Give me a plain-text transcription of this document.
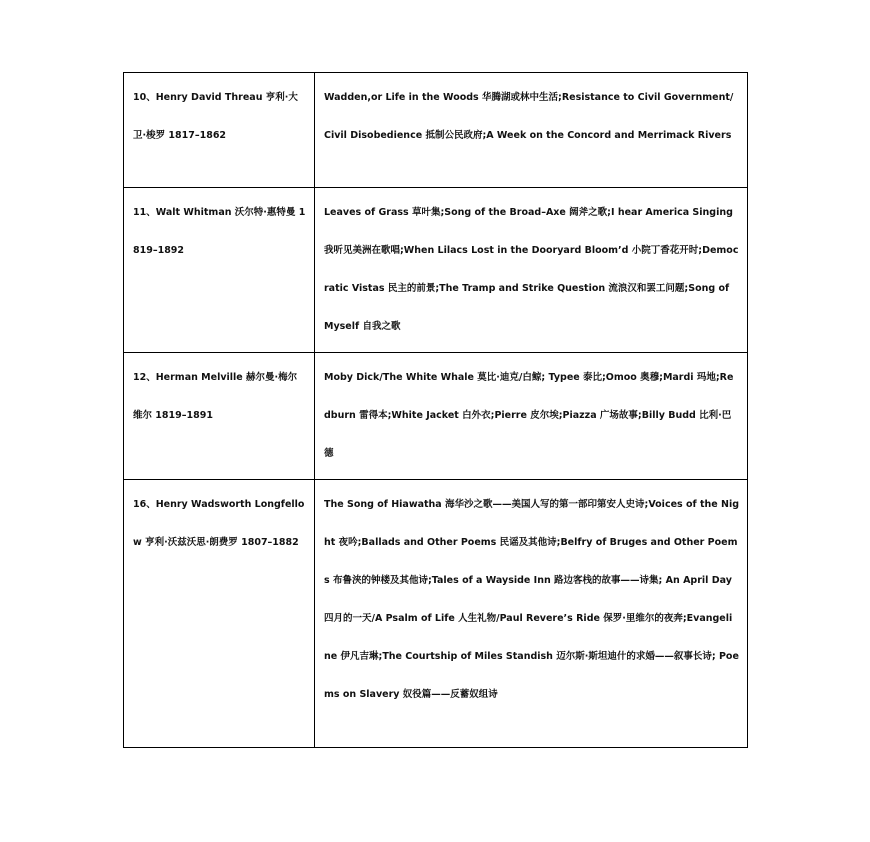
10、Henry David Threau 亨利·大卫·梭罗 1817–1862	Wadden,or Life in the Woods 华腾湖或林中生活;Resistance to Civil Government/ Civil Disobedience 抵制公民政府;A Week on the Concord and Merrimack Rivers
11、Walt Whitman 沃尔特·惠特曼 1819–1892	Leaves of Grass 草叶集;Song of the Broad–Axe 阔斧之歌;I hear America Singing 我听见美洲在歌唱;When Lilacs Lost in the Dooryard Bloom’d 小院丁香花开时;Democratic Vistas 民主的前景;The Tramp and Strike Question 流浪汉和罢工问题;Song of Myself 自我之歌
12、Herman Melville 赫尔曼·梅尔维尔 1819–1891	Moby Dick/The White Whale 莫比·迪克/白鲸; Typee 泰比;Omoo 奥穆;Mardi 玛地;Redburn 雷得本;White Jacket 白外衣;Pierre 皮尔埃;Piazza 广场故事;Billy Budd 比利·巴德
16、Henry Wadsworth Longfellow 亨利·沃兹沃思·朗费罗 1807–1882	The Song of Hiawatha 海华沙之歌——美国人写的第一部印第安人史诗;Voices of the Night 夜吟;Ballads and Other Poems 民谣及其他诗;Belfry of Bruges and Other Poems 布鲁浃的钟楼及其他诗;Tales of a Wayside Inn 路边客栈的故事——诗集; An April Day 四月的一天/A Psalm of Life 人生礼物/Paul Revere’s Ride 保罗·里维尔的夜奔;Evangeline 伊凡吉琳;The Courtship of Miles Standish 迈尔斯·斯坦迪什的求婚——叙事长诗; Poems on Slavery 奴役篇——反蓄奴组诗
